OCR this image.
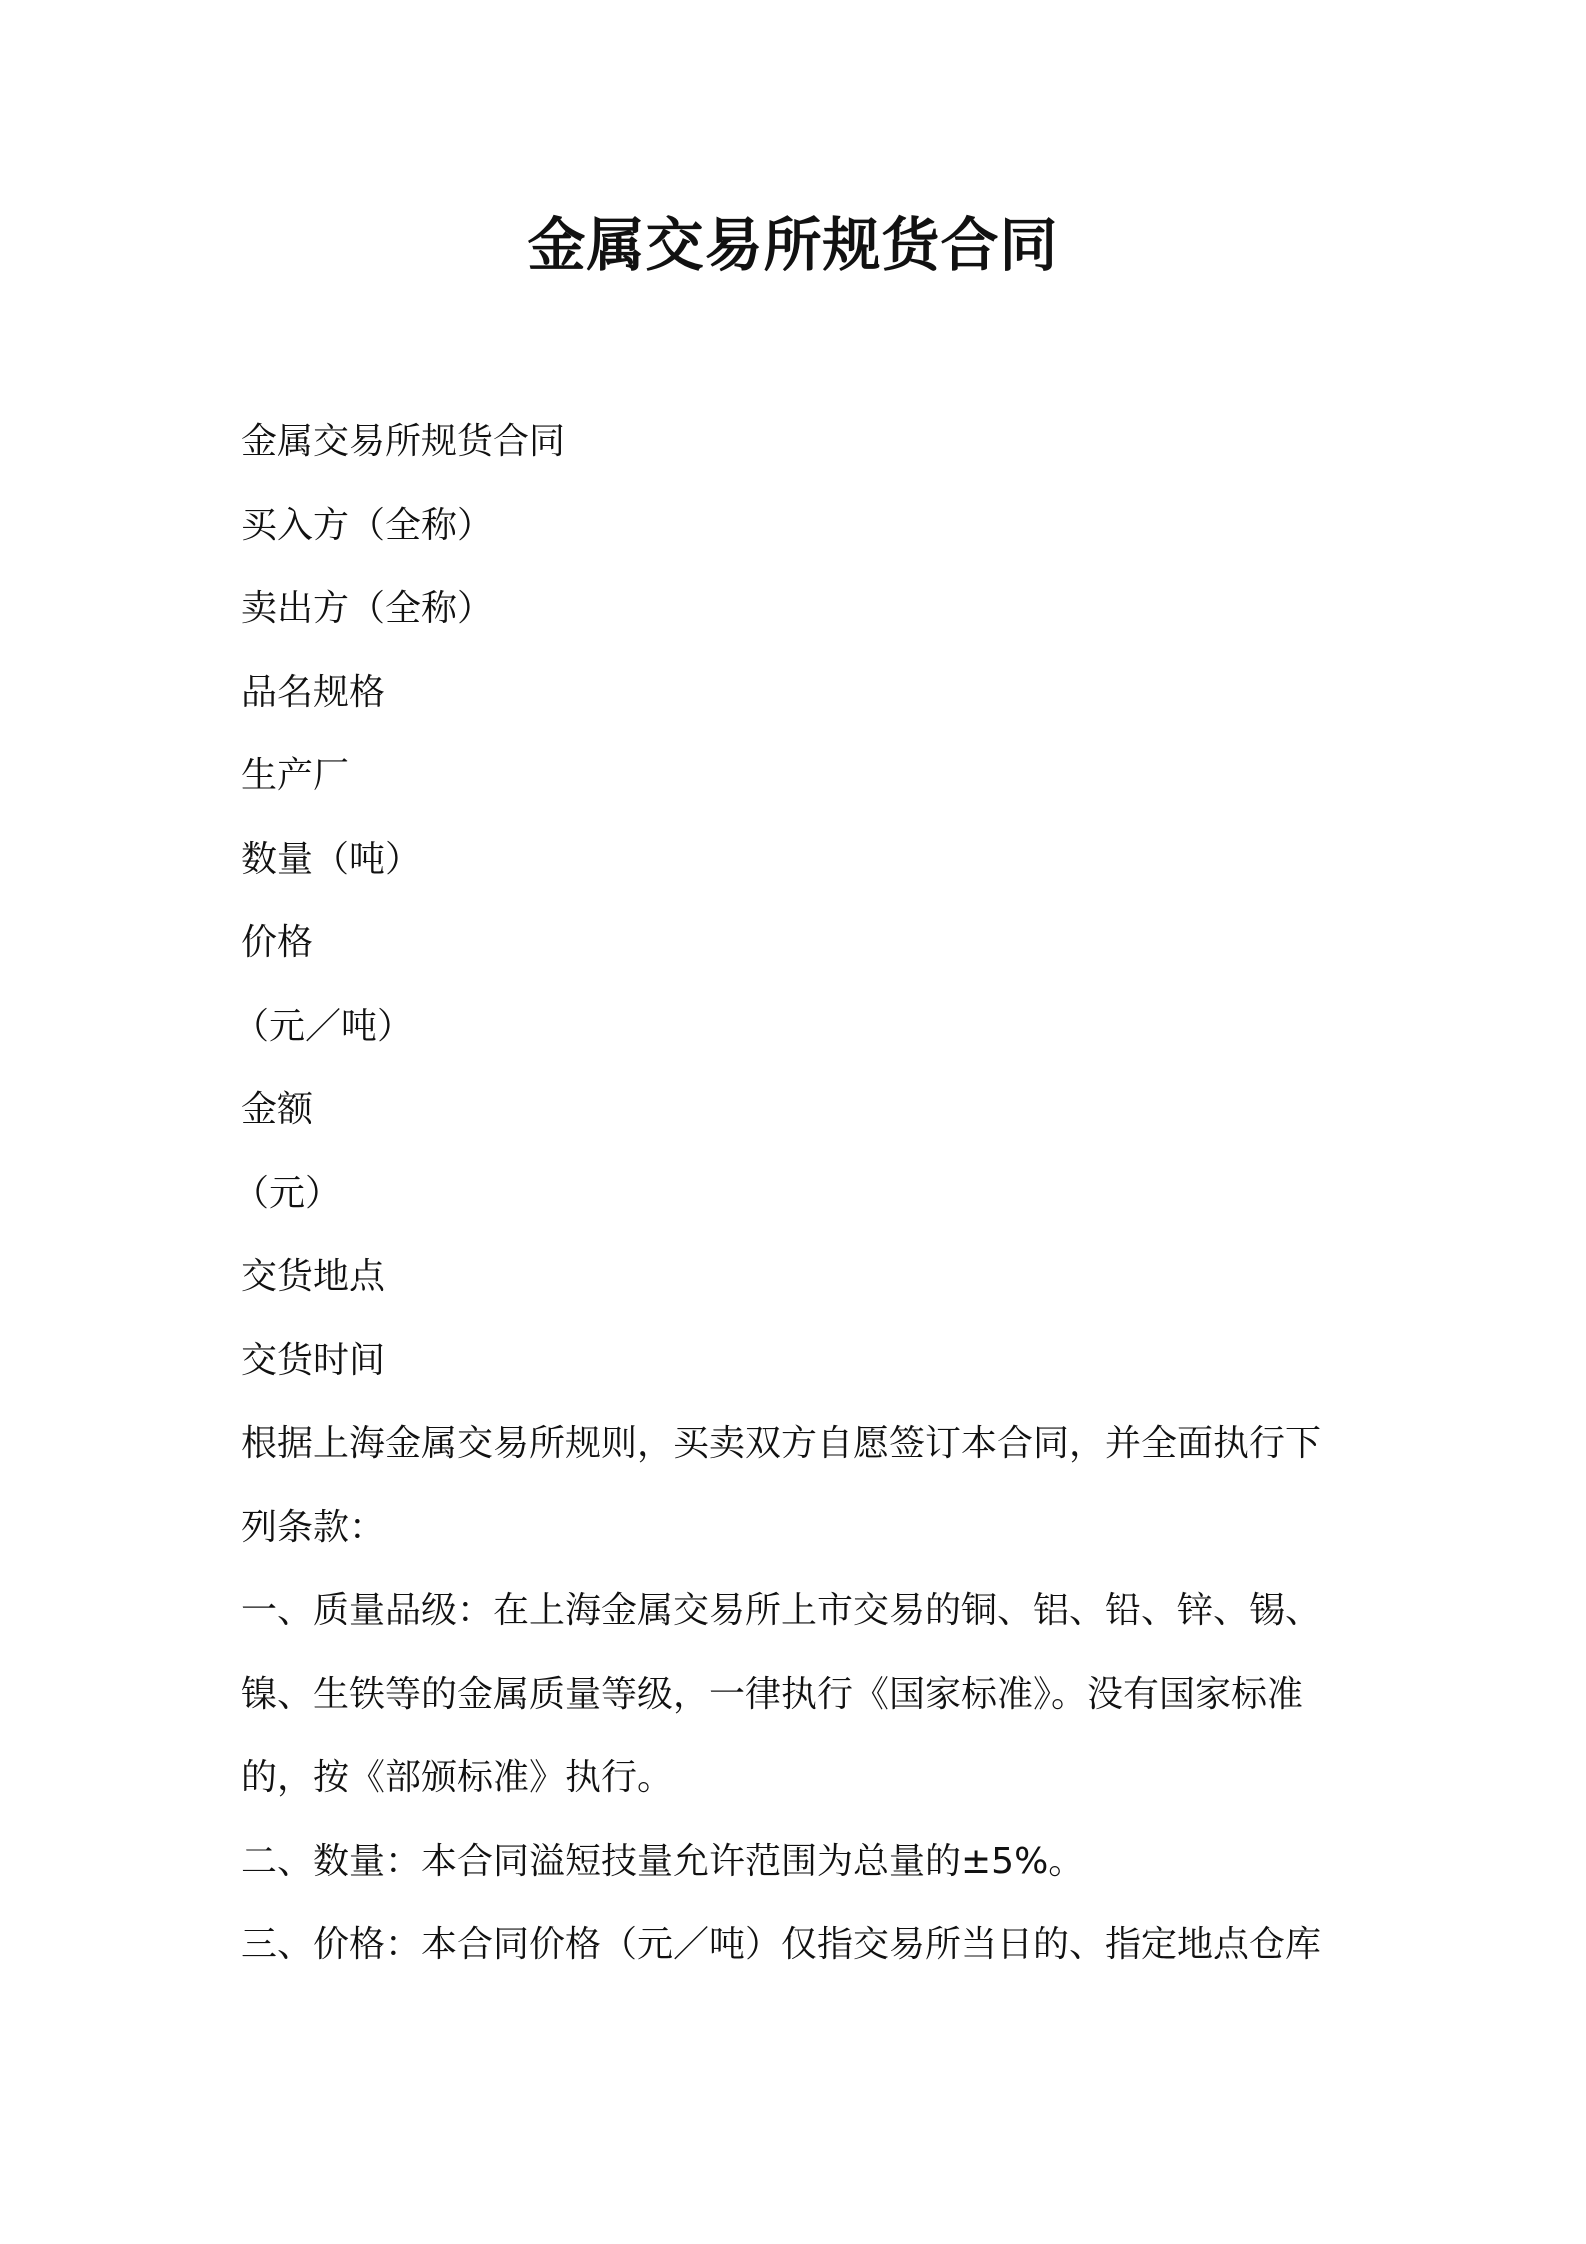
金属交易所规货合同
金属交易所规货合同
买入方（全称）
卖出方（全称）
品名规格
生产厂
数量（吨）
价格
（元／吨）
金额
（元）
交货地点
交货时间
根据上海金属交易所规则，买卖双方自愿签订本合同，并全面执行下
列条款：
一、质量品级：在上海金属交易所上市交易的铜、铝、铅、锌、锡、
镍、生铁等的金属质量等级，一律执行《国家标准》。没有国家标准
的，按《部颁标准》执行。
二、数量：本合同溢短技量允许范围为总量的±5%。
三、价格：本合同价格（元／吨）仅指交易所当日的、指定地点仓库
